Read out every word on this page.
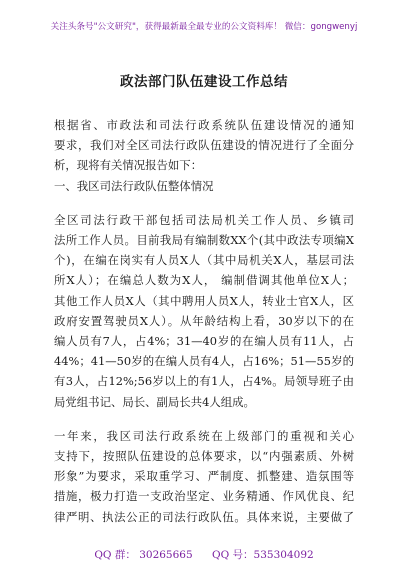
关注头条号"公文研究"，获得最新最全最专业的公文资料库！ 微信：gongwenyj
政法部门队伍建设工作总结
根据省、市政法和司法行政系统队伍建设情况的通知
要求，我们对全区司法行政队伍建设的情况进行了全面分
析，现将有关情况报告如下：
一、我区司法行政队伍整体情况
全区司法行政干部包括司法局机关工作人员、乡镇司
法所工作人员。目前我局有编制数XX个(其中政法专项编X
个)，在编在岗实有人员X人（其中局机关X人，基层司法
所X人）；在编总人数为X人， 编制借调其他单位X人；
其他工作人员X人（其中聘用人员X人，转业士官X人，区
政府安置驾驶员X人）。从年龄结构上看，30岁以下的在
编人员有7人，占4%；31—40岁的在编人员有11人，占
44%；41—50岁的在编人员有4人，占16%；51—55岁的
有3人，占12%;56岁以上的有1人，占4%。局领导班子由
局党组书记、局长、副局长共4人组成。
一年来，我区司法行政系统在上级部门的重视和关心
支持下，按照队伍建设的总体要求，以“内强素质、外树
形象”为要求，采取重学习、严制度、抓整建、造氛围等
措施，极力打造一支政治坚定、业务精通、作风优良、纪
律严明、执法公正的司法行政队伍。具体来说，主要做了
QQ 群： 30265665 QQ 号：535304092
